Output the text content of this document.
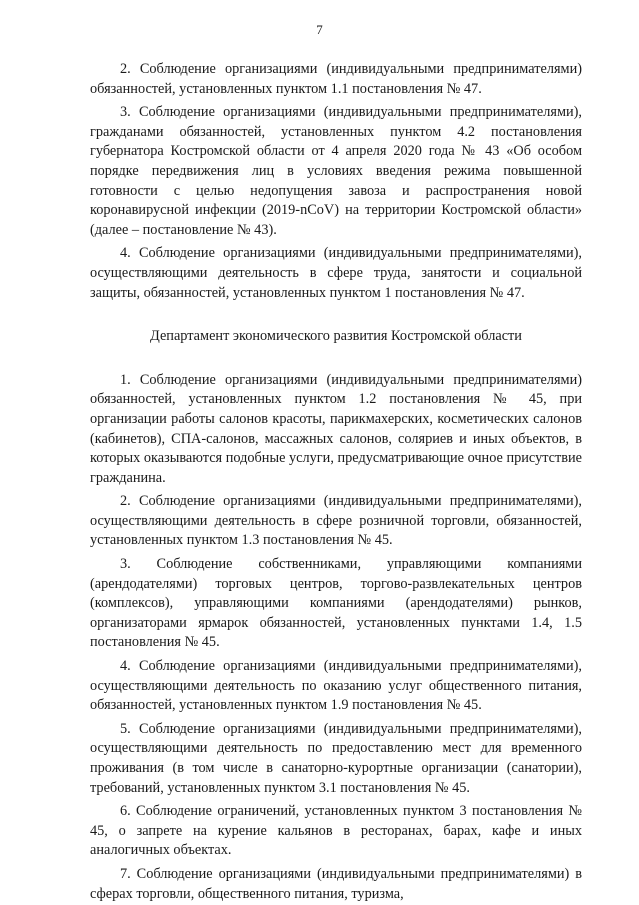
7

2. Соблюдение организациями (индивидуальными предпринимателями) обязанностей, установленных пунктом 1.1 постановления № 47.

3. Соблюдение организациями (индивидуальными предпринимателями), гражданами обязанностей, установленных пунктом 4.2 постановления губернатора Костромской области от 4 апреля 2020 года № 43 «Об особом порядке передвижения лиц в условиях введения режима повышенной готовности с целью недопущения завоза и распространения новой коронавирусной инфекции (2019-nCoV) на территории Костромской области» (далее – постановление № 43).

4. Соблюдение организациями (индивидуальными предпринимателями), осуществляющими деятельность в сфере труда, занятости и социальной защиты, обязанностей, установленных пунктом 1 постановления № 47.

Департамент экономического развития Костромской области

1. Соблюдение организациями (индивидуальными предпринимателями) обязанностей, установленных пунктом 1.2 постановления № 45, при организации работы салонов красоты, парикмахерских, косметических салонов (кабинетов), СПА-салонов, массажных салонов, соляриев и иных объектов, в которых оказываются подобные услуги, предусматривающие очное присутствие гражданина.

2. Соблюдение организациями (индивидуальными предпринимателями), осуществляющими деятельность в сфере розничной торговли, обязанностей, установленных пунктом 1.3 постановления № 45.

3. Соблюдение собственниками, управляющими компаниями (арендодателями) торговых центров, торгово-развлекательных центров (комплексов), управляющими компаниями (арендодателями) рынков, организаторами ярмарок обязанностей, установленных пунктами 1.4, 1.5 постановления № 45.

4. Соблюдение организациями (индивидуальными предпринимателями), осуществляющими деятельность по оказанию услуг общественного питания, обязанностей, установленных пунктом 1.9 постановления № 45.

5. Соблюдение организациями (индивидуальными предпринимателями), осуществляющими деятельность по предоставлению мест для временного проживания (в том числе в санаторно-курортные организации (санатории), требований, установленных пунктом 3.1 постановления № 45.

6. Соблюдение ограничений, установленных пунктом 3 постановления № 45, о запрете на курение кальянов в ресторанах, барах, кафе и иных аналогичных объектах.

7. Соблюдение организациями (индивидуальными предпринимателями) в сферах торговли, общественного питания, туризма,
